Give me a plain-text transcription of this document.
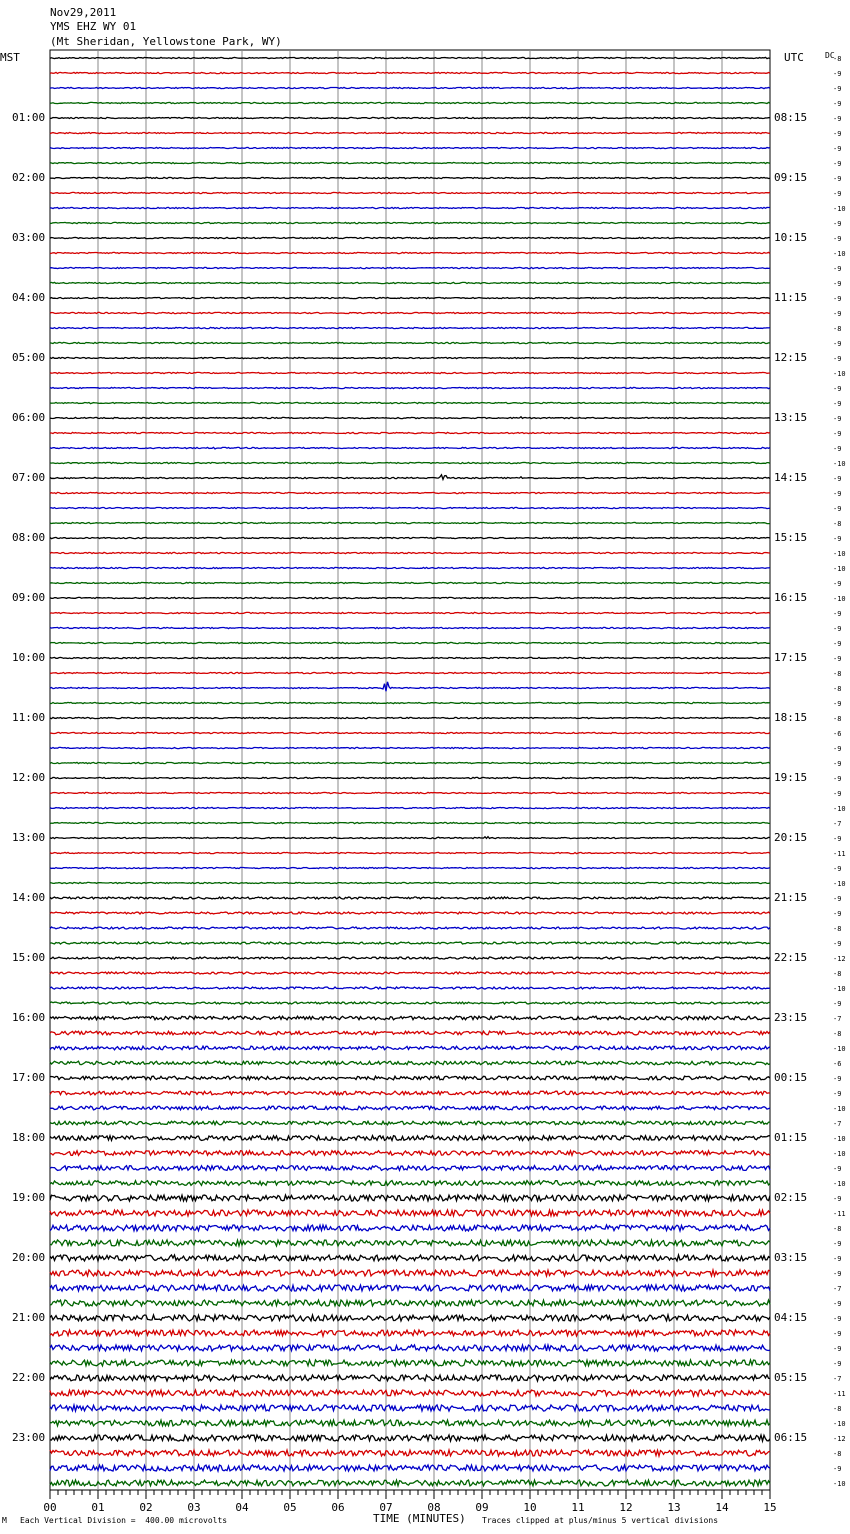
Nov29,2011
YMS EHZ WY 01
(Mt Sheridan, Yellowstone Park, WY)
MST	UTC	DC
01:00	08:15
02:00	09:15
03:00	10:15
04:00	11:15
05:00	12:15
06:00	13:15
07:00	14:15
08:00	15:15
09:00	16:15
10:00	17:15
11:00	18:15
12:00	19:15
13:00	20:15
14:00	21:15
15:00	22:15
16:00	23:15
17:00	00:15
18:00	01:15
19:00	02:15
20:00	03:15
21:00	04:15
22:00	05:15
23:00	06:15
-8
-9
-9
-9
-9
-9
-9
-9
-9
-9
-10
-9
-9
-10
-9
-9
-9
-9
-8
-9
-9
-10
-9
-9
-9
-9
-9
-10
-9
-9
-9
-8
-9
-10
-10
-9
-10
-9
-9
-9
-9
-8
-8
-9
-8
-6
-9
-9
-9
-9
-10
-7
-9
-11
-9
-10
-9
-9
-8
-9
-12
-8
-10
-9
-7
-8
-10
-6
-9
-9
-10
-7
-10
-10
-9
-10
-9
-11
-8
-9
-9
-9
-7
-9
-9
-9
-9
-9
-7
-11
-8
-10
-12
-8
-9
-10
00	01	02	03	04	05	06	07	08	09	10	11	12	13	14	15
TIME (MINUTES)
M Each Vertical Division =  400.00 microvolts	Traces clipped at plus/minus 5 vertical divisions
